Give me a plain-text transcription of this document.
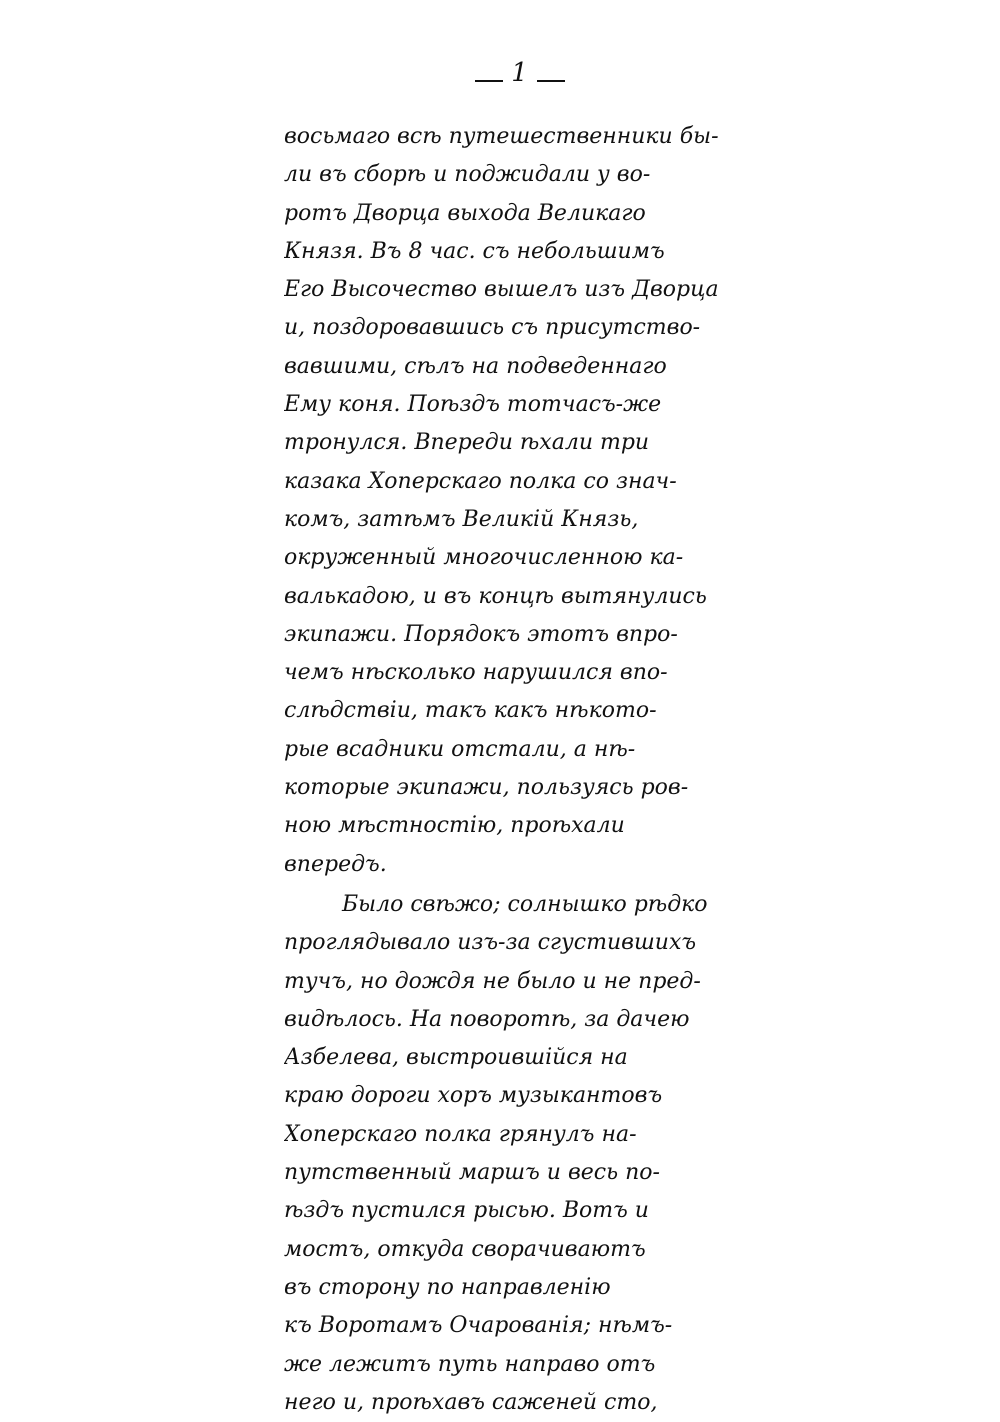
1
восьмаго всѣ путешественники бы-
ли въ сборѣ и поджидали у во-
ротъ Дворца выхода Великаго
Князя. Въ 8 час. съ небольшимъ
Его Высочество вышелъ изъ Дворца
и, поздоровавшись съ присутство-
вавшими, сѣлъ на подведеннаго
Ему коня. Поѣздъ тотчасъ-же
тронулся. Впереди ѣхали три
казака Хоперскаго полка со знач-
комъ, затѣмъ Великій Князь,
окруженный многочисленною ка-
валькадою, и въ концѣ вытянулись
экипажи. Порядокъ этотъ впро-
чемъ нѣсколько нарушился впо-
слѣдствіи, такъ какъ нѣкото-
рые всадники отстали, а нѣ-
которые экипажи, пользуясь ров-
ною мѣстностію, проѣхали
впередъ.
Было свѣжо; солнышко рѣдко
проглядывало изъ-за сгустившихъ
тучъ, но дождя не было и не пред-
видѣлось. На поворотѣ, за дачею
Азбелева, выстроившійся на
краю дороги хоръ музыкантовъ
Хоперскаго полка грянулъ на-
путственный маршъ и весь по-
ѣздъ пустился рысью. Вотъ и
мостъ, откуда сворачиваютъ
въ сторону по направленію
къ Воротамъ Очарованія; нѣмъ-
же лежитъ путь направо отъ
него и, проѣхавъ саженей сто,
